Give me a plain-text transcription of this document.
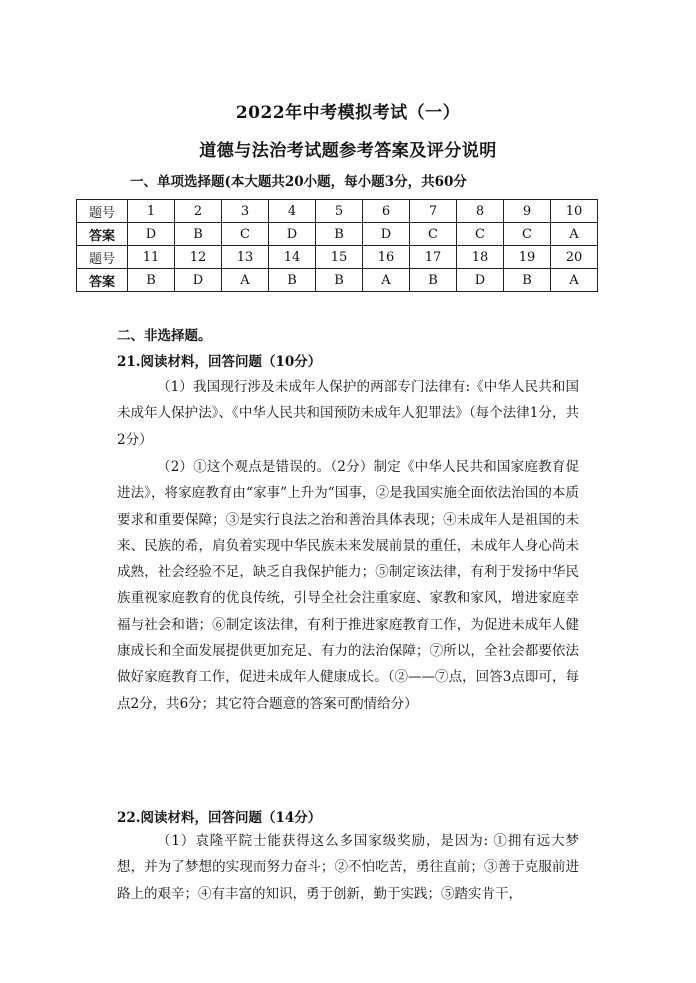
2022年中考模拟考试（一）
道德与法治考试题参考答案及评分说明
一、单项选择题(本大题共20小题，每小题3分，共60分
题号	1	2	3	4	5	6	7	8	9	10
答案	D	B	C	D	B	D	C	C	C	A
题号	11	12	13	14	15	16	17	18	19	20
答案	B	D	A	B	B	A	B	D	B	A
二、非选择题。
21.阅读材料，回答问题（10分）

（1）我国现行涉及未成年人保护的两部专门法律有:《中华人民共和国未成年人保护法》、《中华人民共和国预防未成年人犯罪法》（每个法律1分，共2分）

（2）①这个观点是错误的。（2分）制定《中华人民共和国家庭教育促进法》，将家庭教育由“家事”上升为“国事，②是我国实施全面依法治国的本质要求和重要保障；③是实行良法之治和善治具体表现；④未成年人是祖国的未来、民族的希，肩负着实现中华民族未来发展前景的重任，未成年人身心尚未成熟，社会经验不足，缺乏自我保护能力；⑤制定该法律，有利于发扬中华民族重视家庭教育的优良传统，引导全社会注重家庭、家教和家风，增进家庭幸福与社会和谐；⑥制定该法律，有利于推进家庭教育工作，为促进未成年人健康成长和全面发展提供更加充足、有力的法治保障；⑦所以，全社会都要依法做好家庭教育工作，促进未成年人健康成长。（②——⑦点，回答3点即可，每点2分，共6分；其它符合题意的答案可酌情给分）

22.阅读材料，回答问题（14分）

（1）袁隆平院士能获得这么多国家级奖励，是因为: ①拥有远大梦想，并为了梦想的实现而努力奋斗；②不怕吃苦，勇往直前；③善于克服前进路上的艰辛；④有丰富的知识，勇于创新，勤于实践；⑤踏实肯干，
